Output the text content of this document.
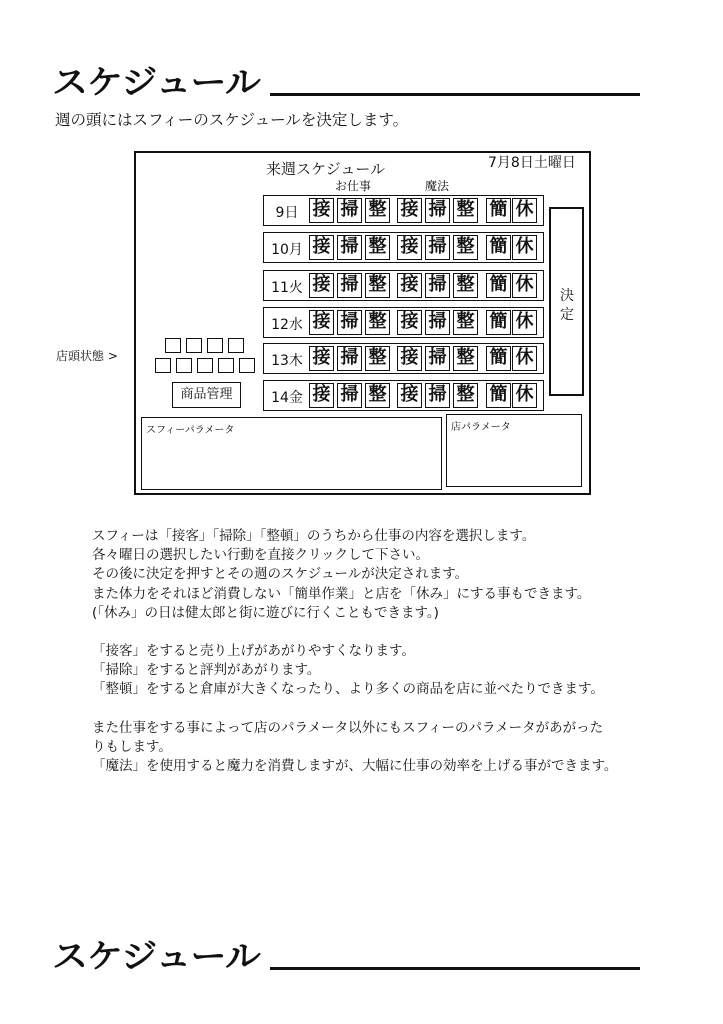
スケジュール
週の頭にはスフィーのスケジュールを決定します。
店頭状態 >
来週スケジュール	7月8日土曜日
お仕事	魔法
9日 接 掃 整 接 掃 整 簡 休
10月 接 掃 整 接 掃 整 簡 休
11火 接 掃 整 接 掃 整 簡 休
12水 接 掃 整 接 掃 整 簡 休
13木 接 掃 整 接 掃 整 簡 休
14金 接 掃 整 接 掃 整 簡 休
決定
商品管理
スフィーパラメータ	店パラメータ

スフィーは「接客」「掃除」「整頓」のうちから仕事の内容を選択します。

各々曜日の選択したい行動を直接クリックして下さい。

その後に決定を押すとその週のスケジュールが決定されます。

また体力をそれほど消費しない「簡単作業」と店を「休み」にする事もできます。

(「休み」の日は健太郎と街に遊びに行くこともできます。)

「接客」をすると売り上げがあがりやすくなります。

「掃除」をすると評判があがります。

「整頓」をすると倉庫が大きくなったり、より多くの商品を店に並べたりできます。

また仕事をする事によって店のパラメータ以外にもスフィーのパラメータがあがった

りもします。

「魔法」を使用すると魔力を消費しますが、大幅に仕事の効率を上げる事ができます。

スケジュール
